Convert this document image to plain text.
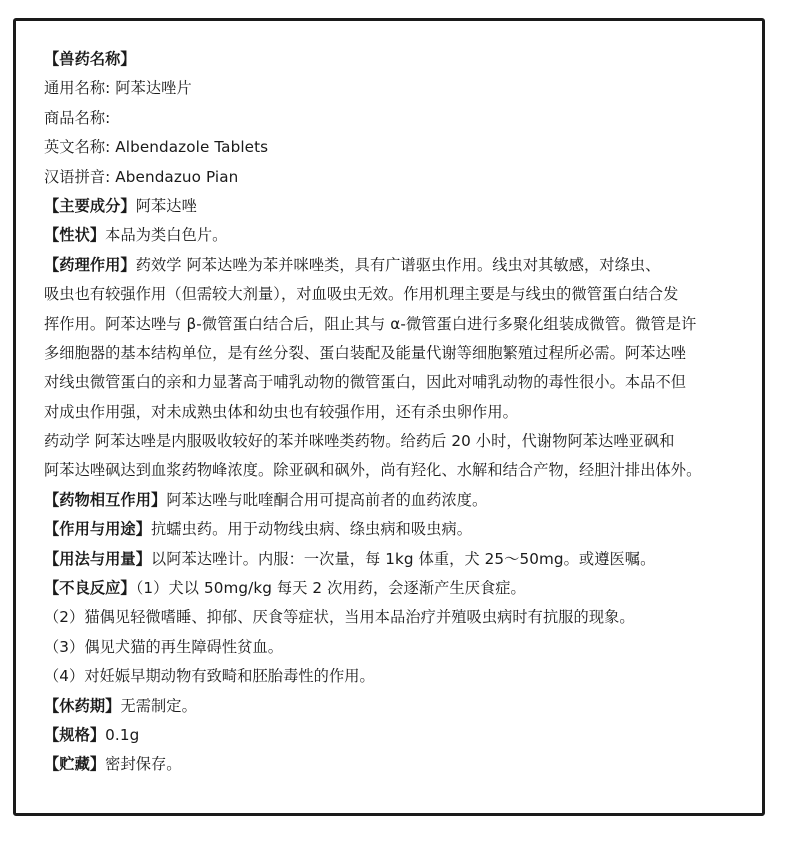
【兽药名称】
通用名称: 阿苯达唑片
商品名称:
英文名称: Albendazole Tablets
汉语拼音: Abendazuo Pian
【主要成分】阿苯达唑
【性状】本品为类白色片。
【药理作用】药效学 阿苯达唑为苯并咪唑类，具有广谱驱虫作用。线虫对其敏感，对绦虫、
吸虫也有较强作用（但需较大剂量），对血吸虫无效。作用机理主要是与线虫的微管蛋白结合发
挥作用。阿苯达唑与 β-微管蛋白结合后，阻止其与 α-微管蛋白进行多聚化组装成微管。微管是许
多细胞器的基本结构单位，是有丝分裂、蛋白装配及能量代谢等细胞繁殖过程所必需。阿苯达唑
对线虫微管蛋白的亲和力显著高于哺乳动物的微管蛋白，因此对哺乳动物的毒性很小。本品不但
对成虫作用强，对未成熟虫体和幼虫也有较强作用，还有杀虫卵作用。
药动学 阿苯达唑是内服吸收较好的苯并咪唑类药物。给药后 20 小时，代谢物阿苯达唑亚砜和
阿苯达唑砜达到血浆药物峰浓度。除亚砜和砜外，尚有羟化、水解和结合产物，经胆汁排出体外。
【药物相互作用】阿苯达唑与吡喹酮合用可提高前者的血药浓度。
【作用与用途】抗蠕虫药。用于动物线虫病、绦虫病和吸虫病。
【用法与用量】以阿苯达唑计。内服：一次量，每 1kg 体重，犬 25～50mg。或遵医嘱。
【不良反应】（1）犬以 50mg/kg 每天 2 次用药，会逐渐产生厌食症。
（2）猫偶见轻微嗜睡、抑郁、厌食等症状，当用本品治疗并殖吸虫病时有抗服的现象。
（3）偶见犬猫的再生障碍性贫血。
（4）对妊娠早期动物有致畸和胚胎毒性的作用。
【休药期】无需制定。
【规格】0.1g
【贮藏】密封保存。
